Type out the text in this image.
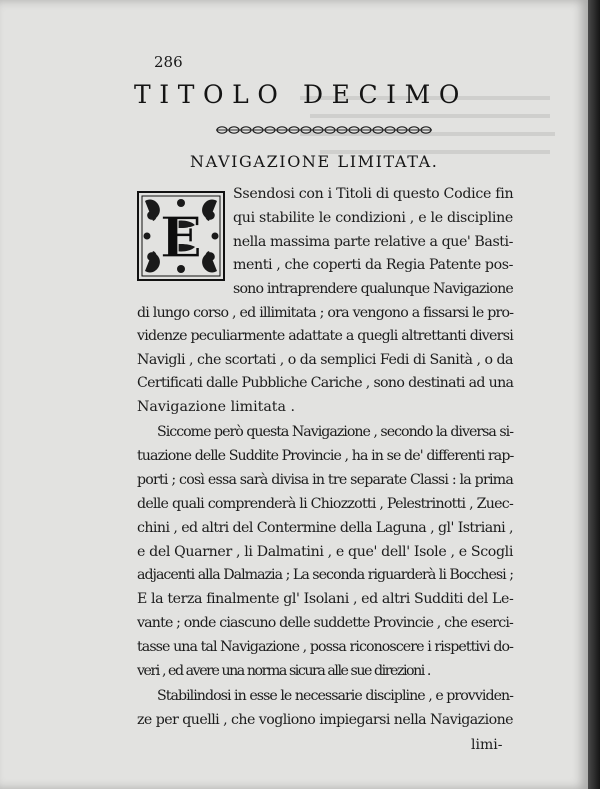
286
TITOLO DECIMO
NAVIGAZIONE LIMITATA.
E
Ssendosi con i Titoli di questo Codice fin
qui stabilite le condizioni , e le discipline
nella massima parte relative a que' Basti-
menti , che coperti da Regia Patente pos-
sono intraprendere qualunque Navigazione
di lungo corso , ed illimitata ; ora vengono a fissarsi le pro-
videnze peculiarmente adattate a quegli altrettanti diversi
Navigli , che scortati , o da semplici Fedi di Sanità , o da
Certificati dalle Pubbliche Cariche , sono destinati ad una
Navigazione limitata .
Siccome però questa Navigazione , secondo la diversa si-
tuazione delle Suddite Provincie , ha in se de' differenti rap-
porti ; così essa sarà divisa in tre separate Classi : la prima
delle quali comprenderà li Chiozzotti , Pelestrinotti , Zuec-
chini , ed altri del Contermine della Laguna , gl' Istriani ,
e del Quarner , li Dalmatini , e que' dell' Isole , e Scogli
adjacenti alla Dalmazia ; La seconda riguarderà li Bocchesi ;
E la terza finalmente gl' Isolani , ed altri Sudditi del Le-
vante ; onde ciascuno delle suddette Provincie , che eserci-
tasse una tal Navigazione , possa riconoscere i rispettivi do-
veri , ed avere una norma sicura alle sue direzioni .
Stabilindosi in esse le necessarie discipline , e provviden-
ze per quelli , che vogliono impiegarsi nella Navigazione
limi-
